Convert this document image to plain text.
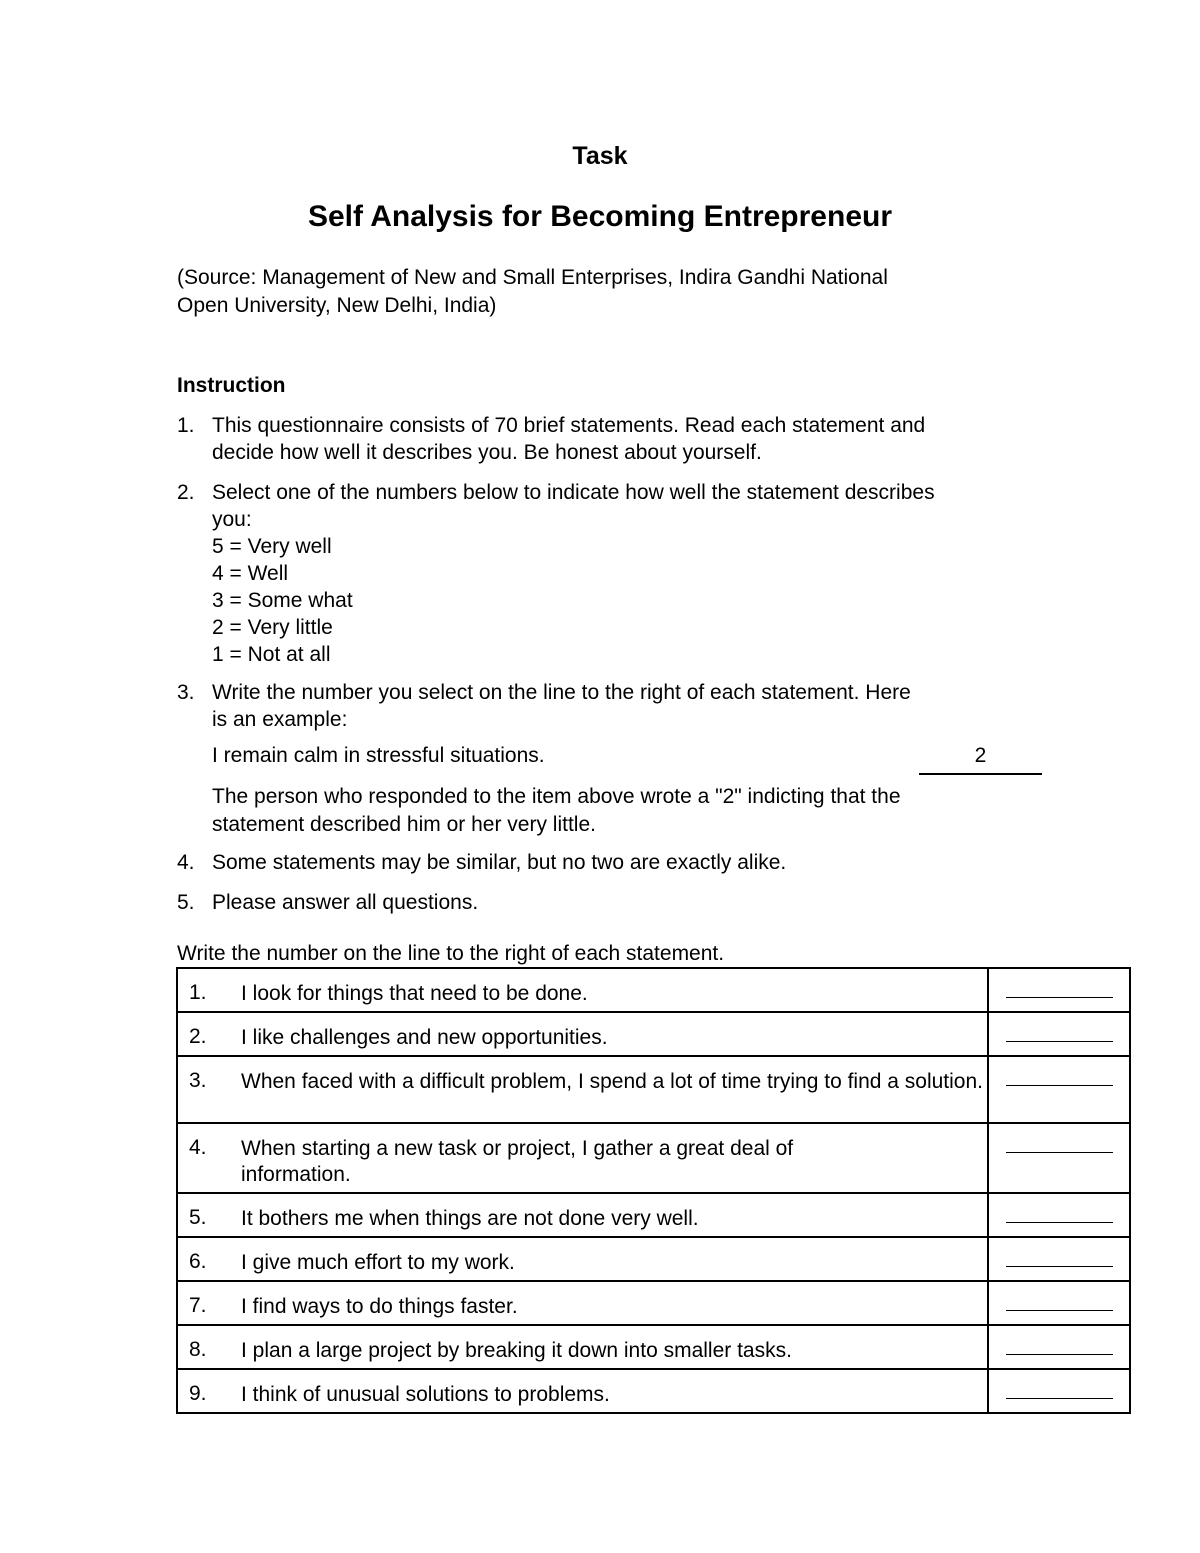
Task
Self Analysis for Becoming Entrepreneur
(Source: Management of New and Small Enterprises, Indira Gandhi National
Open University, New Delhi, India)
Instruction
1. This questionnaire consists of 70 brief statements. Read each statement and
decide how well it describes you. Be honest about yourself.
2. Select one of the numbers below to indicate how well the statement describes
you:
5 = Very well
4 = Well
3 = Some what
2 = Very little
1 = Not at all
3. Write the number you select on the line to the right of each statement. Here
is an example:
I remain calm in stressful situations.	2
The person who responded to the item above wrote a "2" indicting that the
statement described him or her very little.
4. Some statements may be similar, but no two are exactly alike.
5. Please answer all questions.
Write the number on the line to the right of each statement.
1. I look for things that need to be done.	

2. I like challenges and new opportunities.	

3. When faced with a difficult problem, I spend a lot of time trying to find a solution.	

4. When starting a new task or project, I gather a great deal of information.	

5. It bothers me when things are not done very well.	

6. I give much effort to my work.	

7. I find ways to do things faster.	

8. I plan a large project by breaking it down into smaller tasks.	

9. I think of unusual solutions to problems.	
